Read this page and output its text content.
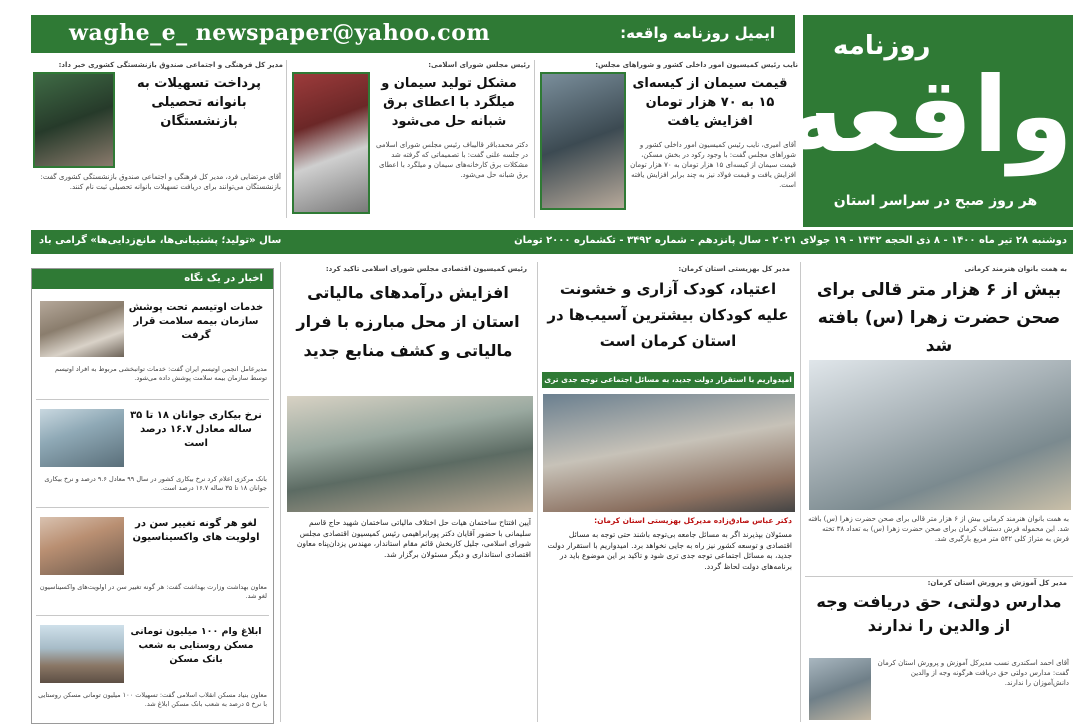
روزنامه
واقعه
هر روز صبح در سراسر استان
ایمیل روزنامه واقعه:
waghe_e_ newspaper@yahoo.com
نایب رئیس کمیسیون امور داخلی کشور و شوراهای مجلس:
قیمت سیمان از کیسه‌ای ۱۵ به ۷۰ هزار تومان افزایش یافت
آقای امیری، نایب رئیس کمیسیون امور داخلی کشور و شوراهای مجلس گفت: با وجود رکود در بخش مسکن، قیمت سیمان از کیسه‌ای ۱۵ هزار تومان به ۷۰ هزار تومان افزایش یافت و قیمت فولاد نیز به چند برابر افزایش یافته است.
رئیس مجلس شورای اسلامی:
مشکل تولید سیمان و میلگرد با اعطای برق شبانه حل می‌شود
دکتر محمدباقر قالیباف رئیس مجلس شورای اسلامی در جلسه علنی گفت: با تصمیماتی که گرفته شد مشکلات برق کارخانه‌های سیمان و میلگرد با اعطای برق شبانه حل می‌شود.
مدیر کل فرهنگی و اجتماعی صندوق بازنشستگی کشوری خبر داد:
پرداخت تسهیلات به بانوانه تحصیلی بازنشستگان
آقای مرتضایی فرد، مدیر کل فرهنگی و اجتماعی صندوق بازنشستگی کشوری گفت: بازنشستگان می‌توانند برای دریافت تسهیلات بانوانه تحصیلی ثبت نام کنند.
دوشنبه ۲۸ تیر ماه ۱۴۰۰ - ۸ ذی الحجه ۱۴۴۲ - ۱۹ جولای ۲۰۲۱ - سال پانزدهم - شماره ۳۴۹۲ - تکشماره ۲۰۰۰ تومان
سال «تولید؛ پشتیبانی‌ها، مانع‌زدایی‌ها» گرامی باد
به همت بانوان هنرمند کرمانی
بیش از ۶ هزار متر قالی برای صحن حضرت زهرا (س) بافته شد
به همت بانوان هنرمند کرمانی بیش از ۶ هزار متر قالی برای صحن حضرت زهرا (س) بافته شد. این محموله فرش دستباف کرمان برای صحن حضرت زهرا (س) به تعداد ۳۸ تخته فرش به متراژ کلی ۵۴۲ متر مربع بارگیری شد.
مدیر کل آموزش و پرورش استان کرمان:
مدارس دولتی، حق دریافت وجه از والدین را ندارند
آقای احمد اسکندری نسب مدیرکل آموزش و پرورش استان کرمان گفت: مدارس دولتی حق دریافت هرگونه وجه از والدین دانش‌آموزان را ندارند.
مدیر کل بهزیستی استان کرمان:
اعتیاد، کودک آزاری و خشونت علیه کودکان بیشترین آسیب‌ها در استان کرمان است
امیدواریم با استقرار دولت جدید، به مسائل اجتماعی توجه جدی تری
دکتر عباس صادق‌زاده مدیرکل بهزیستی استان کرمان:
مسئولان بپذیرند اگر به مسائل جامعه بی‌توجه باشند حتی توجه به مسائل اقتصادی و توسعه کشور نیز راه به جایی نخواهد برد. امیدواریم با استقرار دولت جدید، به مسائل اجتماعی توجه جدی تری شود و تاکید بر این موضوع باید در برنامه‌های دولت لحاظ گردد.
رئیس کمیسیون اقتصادی مجلس شورای اسلامی تاکید کرد:
افزایش درآمدهای مالیاتی استان از محل مبارزه با فرار مالیاتی و کشف منابع جدید
آیین افتتاح ساختمان هیات حل اختلاف مالیاتی ساختمان شهید حاج قاسم سلیمانی با حضور آقایان دکتر پورابراهیمی رئیس کمیسیون اقتصادی مجلس شورای اسلامی، جلیل کاربخش قائم مقام استاندار، مهندس یزدان‌پناه معاون اقتصادی استانداری و دیگر مسئولان برگزار شد.
اخبار در یک نگاه
خدمات اوتیسم تحت پوشش سازمان بیمه سلامت قرار گرفت
مدیرعامل انجمن اوتیسم ایران گفت: خدمات توانبخشی مربوط به افراد اوتیسم توسط سازمان بیمه سلامت پوشش داده می‌شود.
نرخ بیکاری جوانان ۱۸ تا ۳۵ ساله معادل ۱۶.۷ درصد است
بانک مرکزی اعلام کرد نرخ بیکاری کشور در سال ۹۹ معادل ۹.۶ درصد و نرخ بیکاری جوانان ۱۸ تا ۳۵ ساله ۱۶.۷ درصد است.
لغو هر گونه تغییر سن در اولویت های واکسیناسیون
معاون بهداشت وزارت بهداشت گفت: هر گونه تغییر سن در اولویت‌های واکسیناسیون لغو شد.
ابلاغ وام ۱۰۰ میلیون تومانی مسکن روستایی به شعب بانک مسکن
معاون بنیاد مسکن انقلاب اسلامی گفت: تسهیلات ۱۰۰ میلیون تومانی مسکن روستایی با نرخ ۵ درصد به شعب بانک مسکن ابلاغ شد.
